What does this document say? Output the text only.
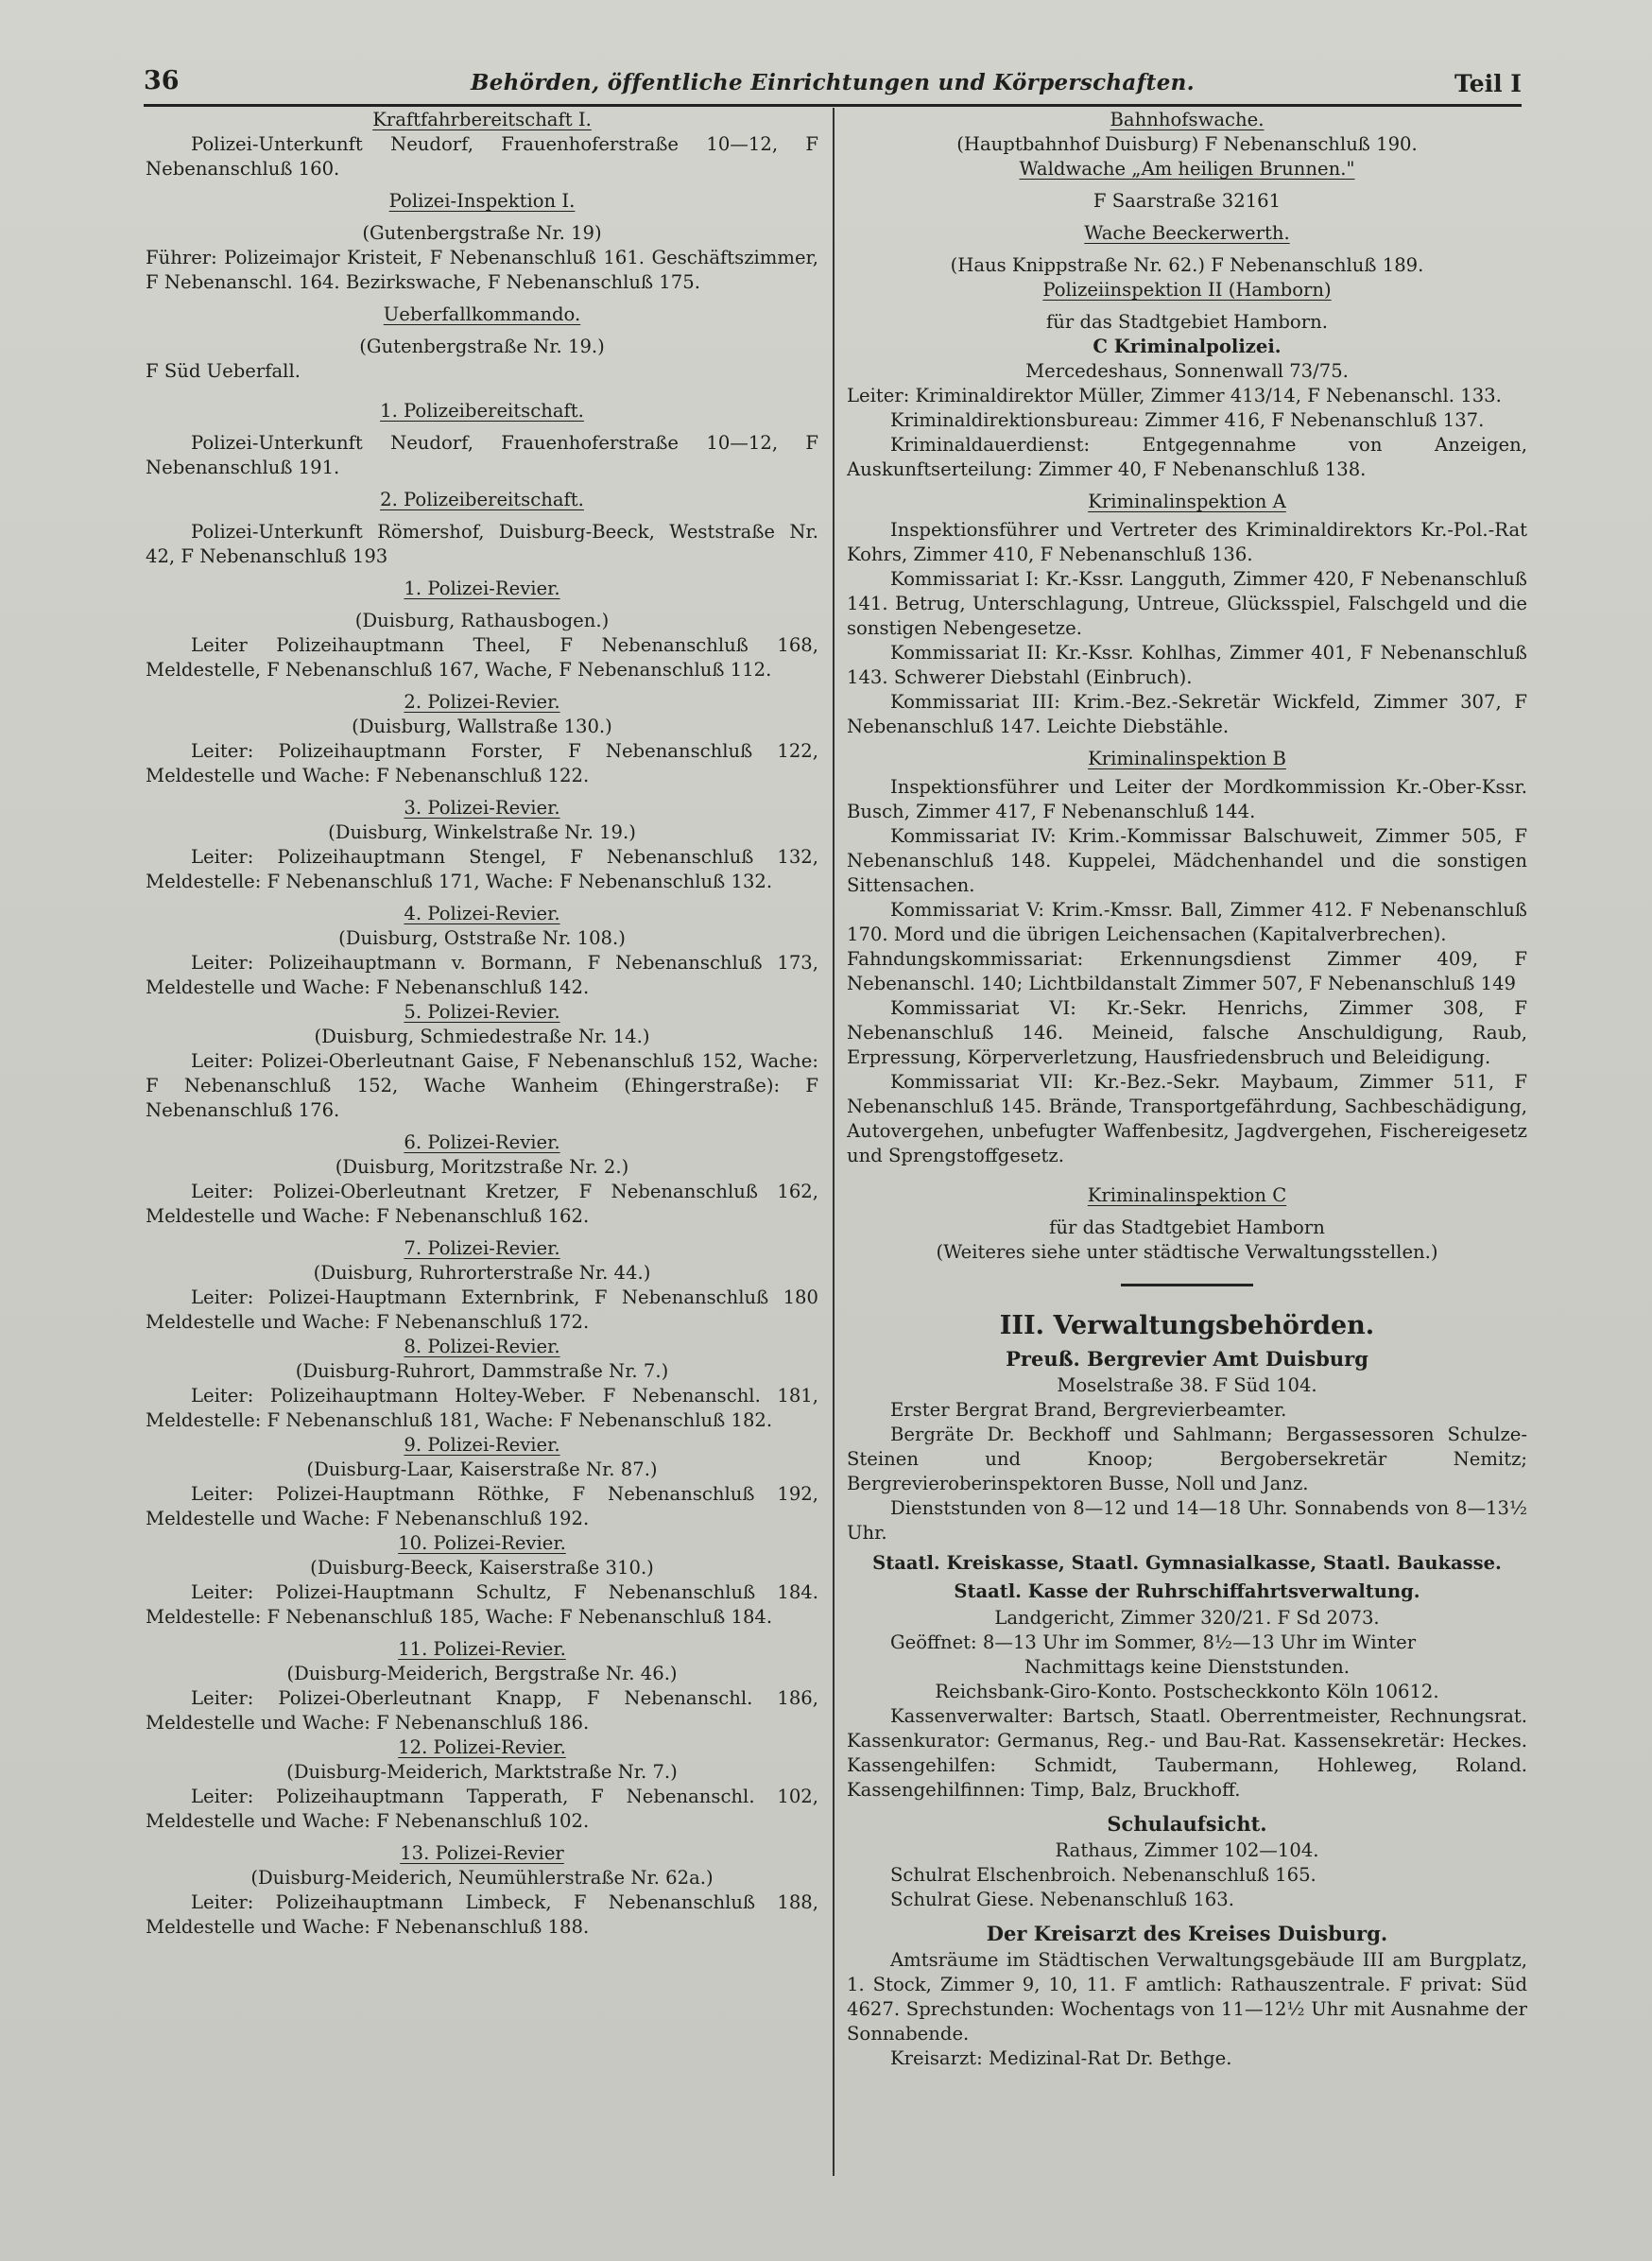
36	Behörden, öffentliche Einrichtungen und Körperschaften.	Teil I
Kraftfahrbereitschaft I.
Polizei-Unterkunft Neudorf, Frauenhoferstraße 10—12, F Nebenanschluß 160.
Polizei-Inspektion I.
(Gutenbergstraße Nr. 19)
Führer: Polizeimajor Kristeit, F Nebenanschluß 161. Geschäftszimmer, F Nebenanschl. 164. Bezirkswache, F Nebenanschluß 175.
Ueberfallkommando.
(Gutenbergstraße Nr. 19.)
F Süd Ueberfall.
1. Polizeibereitschaft.
Polizei-Unterkunft Neudorf, Frauenhoferstraße 10—12, F Nebenanschluß 191.
2. Polizeibereitschaft.
Polizei-Unterkunft Römershof, Duisburg-Beeck, Weststraße Nr. 42, F Nebenanschluß 193
1. Polizei-Revier.
(Duisburg, Rathausbogen.)
Leiter Polizeihauptmann Theel, F Nebenanschluß 168, Meldestelle, F Nebenanschluß 167, Wache, F Nebenanschluß 112.
2. Polizei-Revier.
(Duisburg, Wallstraße 130.)
Leiter: Polizeihauptmann Forster, F Nebenanschluß 122, Meldestelle und Wache: F Nebenanschluß 122.
3. Polizei-Revier.
(Duisburg, Winkelstraße Nr. 19.)
Leiter: Polizeihauptmann Stengel, F Nebenanschluß 132, Meldestelle: F Nebenanschluß 171, Wache: F Nebenanschluß 132.
4. Polizei-Revier.
(Duisburg, Oststraße Nr. 108.)
Leiter: Polizeihauptmann v. Bormann, F Nebenanschluß 173, Meldestelle und Wache: F Nebenanschluß 142.
5. Polizei-Revier.
(Duisburg, Schmiedestraße Nr. 14.)
Leiter: Polizei-Oberleutnant Gaise, F Nebenanschluß 152, Wache: F Nebenanschluß 152, Wache Wanheim (Ehingerstraße): F Nebenanschluß 176.
6. Polizei-Revier.
(Duisburg, Moritzstraße Nr. 2.)
Leiter: Polizei-Oberleutnant Kretzer, F Nebenanschluß 162, Meldestelle und Wache: F Nebenanschluß 162.
7. Polizei-Revier.
(Duisburg, Ruhrorterstraße Nr. 44.)
Leiter: Polizei-Hauptmann Externbrink, F Nebenanschluß 180 Meldestelle und Wache: F Nebenanschluß 172.
8. Polizei-Revier.
(Duisburg-Ruhrort, Dammstraße Nr. 7.)
Leiter: Polizeihauptmann Holtey-Weber. F Nebenanschl. 181, Meldestelle: F Nebenanschluß 181, Wache: F Nebenanschluß 182.
9. Polizei-Revier.
(Duisburg-Laar, Kaiserstraße Nr. 87.)
Leiter: Polizei-Hauptmann Röthke, F Nebenanschluß 192, Meldestelle und Wache: F Nebenanschluß 192.
10. Polizei-Revier.
(Duisburg-Beeck, Kaiserstraße 310.)
Leiter: Polizei-Hauptmann Schultz, F Nebenanschluß 184. Meldestelle: F Nebenanschluß 185, Wache: F Nebenanschluß 184.
11. Polizei-Revier.
(Duisburg-Meiderich, Bergstraße Nr. 46.)
Leiter: Polizei-Oberleutnant Knapp, F Nebenanschl. 186, Meldestelle und Wache: F Nebenanschluß 186.
12. Polizei-Revier.
(Duisburg-Meiderich, Marktstraße Nr. 7.)
Leiter: Polizeihauptmann Tapperath, F Nebenanschl. 102, Meldestelle und Wache: F Nebenanschluß 102.
13. Polizei-Revier
(Duisburg-Meiderich, Neumühlerstraße Nr. 62a.)
Leiter: Polizeihauptmann Limbeck, F Nebenanschluß 188, Meldestelle und Wache: F Nebenanschluß 188.
Bahnhofswache.
(Hauptbahnhof Duisburg) F Nebenanschluß 190.
Waldwache „Am heiligen Brunnen."
F Saarstraße 32161
Wache Beeckerwerth.
(Haus Knippstraße Nr. 62.) F Nebenanschluß 189.
Polizeiinspektion II (Hamborn)
für das Stadtgebiet Hamborn.
C Kriminalpolizei.
Mercedeshaus, Sonnenwall 73/75.
Leiter: Kriminaldirektor Müller, Zimmer 413/14, F Nebenanschl. 133.
Kriminaldirektionsbureau: Zimmer 416, F Nebenanschluß 137.
Kriminaldauerdienst: Entgegennahme von Anzeigen, Auskunftserteilung: Zimmer 40, F Nebenanschluß 138.
Kriminalinspektion A
Inspektionsführer und Vertreter des Kriminaldirektors Kr.-Pol.-Rat Kohrs, Zimmer 410, F Nebenanschluß 136.
Kommissariat I: Kr.-Kssr. Langguth, Zimmer 420, F Nebenanschluß 141. Betrug, Unterschlagung, Untreue, Glücksspiel, Falschgeld und die sonstigen Nebengesetze.
Kommissariat II: Kr.-Kssr. Kohlhas, Zimmer 401, F Nebenanschluß 143. Schwerer Diebstahl (Einbruch).
Kommissariat III: Krim.-Bez.-Sekretär Wickfeld, Zimmer 307, F Nebenanschluß 147. Leichte Diebstähle.
Kriminalinspektion B
Inspektionsführer und Leiter der Mordkommission Kr.-Ober-Kssr. Busch, Zimmer 417, F Nebenanschluß 144.
Kommissariat IV: Krim.-Kommissar Balschuweit, Zimmer 505, F Nebenanschluß 148. Kuppelei, Mädchenhandel und die sonstigen Sittensachen.
Kommissariat V: Krim.-Kmssr. Ball, Zimmer 412. F Nebenanschluß 170. Mord und die übrigen Leichensachen (Kapitalverbrechen).
Fahndungskommissariat: Erkennungsdienst Zimmer 409, F Nebenanschl. 140; Lichtbildanstalt Zimmer 507, F Nebenanschluß 149
Kommissariat VI: Kr.-Sekr. Henrichs, Zimmer 308, F Nebenanschluß 146. Meineid, falsche Anschuldigung, Raub, Erpressung, Körperverletzung, Hausfriedensbruch und Beleidigung.
Kommissariat VII: Kr.-Bez.-Sekr. Maybaum, Zimmer 511, F Nebenanschluß 145. Brände, Transportgefährdung, Sachbeschädigung, Autovergehen, unbefugter Waffenbesitz, Jagdvergehen, Fischereigesetz und Sprengstoffgesetz.
Kriminalinspektion C
für das Stadtgebiet Hamborn
(Weiteres siehe unter städtische Verwaltungsstellen.)
III. Verwaltungsbehörden.
Preuß. Bergrevier Amt Duisburg
Moselstraße 38. F Süd 104.
Erster Bergrat Brand, Bergrevierbeamter.
Bergräte Dr. Beckhoff und Sahlmann; Bergassessoren Schulze-Steinen und Knoop; Bergobersekretär Nemitz; Bergrevieroberinspektoren Busse, Noll und Janz.
Dienststunden von 8—12 und 14—18 Uhr. Sonnabends von 8—13½ Uhr.
Staatl. Kreiskasse, Staatl. Gymnasialkasse, Staatl. Baukasse.
Staatl. Kasse der Ruhrschiffahrtsverwaltung.
Landgericht, Zimmer 320/21. F Sd 2073.
Geöffnet: 8—13 Uhr im Sommer, 8½—13 Uhr im Winter
Nachmittags keine Dienststunden.
Reichsbank-Giro-Konto. Postscheckkonto Köln 10612.
Kassenverwalter: Bartsch, Staatl. Oberrentmeister, Rechnungsrat. Kassenkurator: Germanus, Reg.- und Bau-Rat. Kassensekretär: Heckes. Kassengehilfen: Schmidt, Taubermann, Hohleweg, Roland. Kassengehilfinnen: Timp, Balz, Bruckhoff.
Schulaufsicht.
Rathaus, Zimmer 102—104.
Schulrat Elschenbroich. Nebenanschluß 165.
Schulrat Giese. Nebenanschluß 163.
Der Kreisarzt des Kreises Duisburg.
Amtsräume im Städtischen Verwaltungsgebäude III am Burgplatz, 1. Stock, Zimmer 9, 10, 11. F amtlich: Rathauszentrale. F privat: Süd 4627. Sprechstunden: Wochentags von 11—12½ Uhr mit Ausnahme der Sonnabende.
Kreisarzt: Medizinal-Rat Dr. Bethge.
